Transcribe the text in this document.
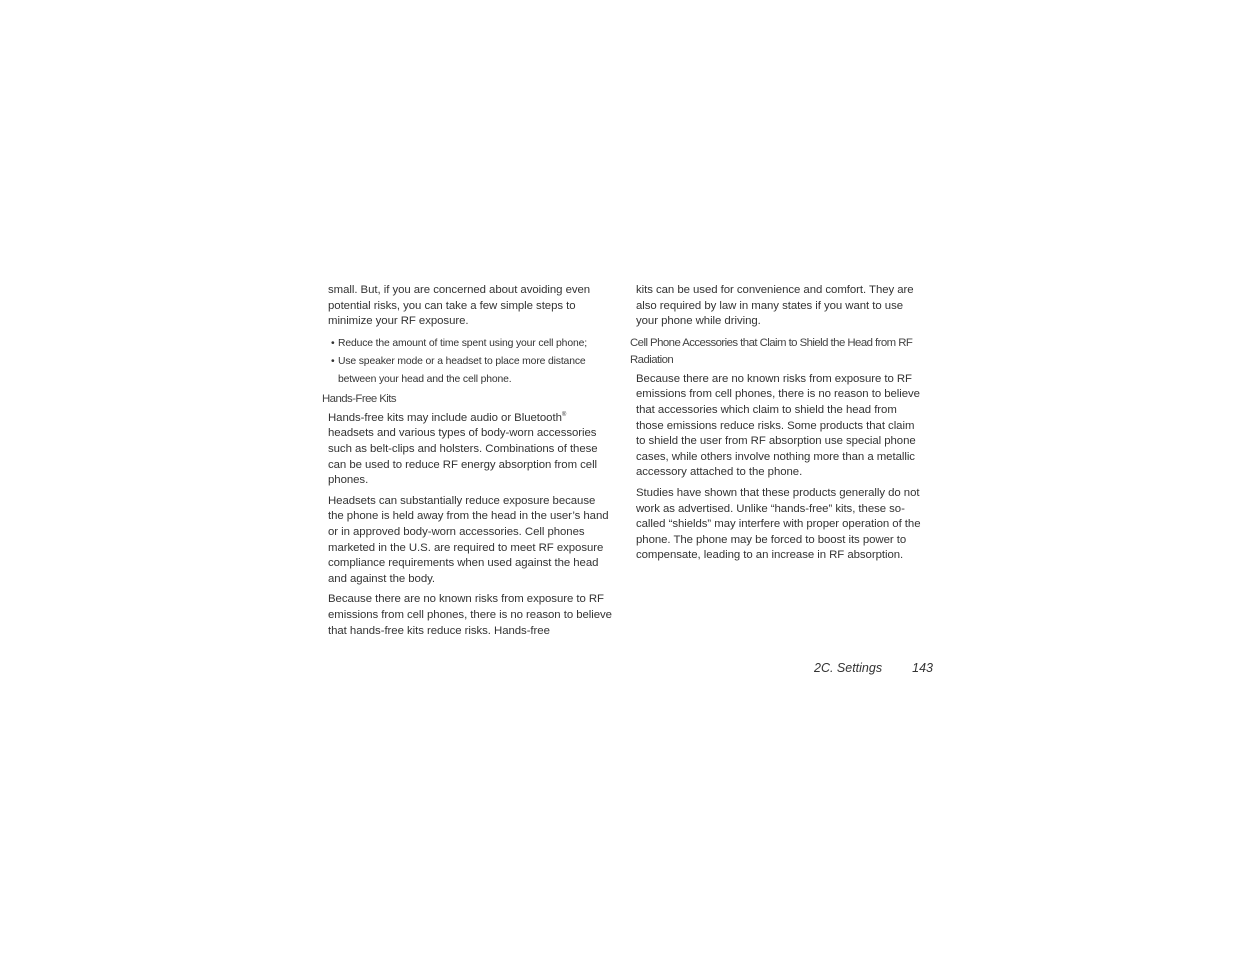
small. But, if you are concerned about avoiding even potential risks, you can take a few simple steps to minimize your RF exposure.

• Reduce the amount of time spent using your cell phone;
• Use speaker mode or a headset to place more distance between your head and the cell phone.
Hands-Free Kits

Hands-free kits may include audio or Bluetooth® headsets and various types of body-worn accessories such as belt-clips and holsters. Combinations of these can be used to reduce RF energy absorption from cell phones.

Headsets can substantially reduce exposure because the phone is held away from the head in the user’s hand or in approved body-worn accessories. Cell phones marketed in the U.S. are required to meet RF exposure compliance requirements when used against the head and against the body.

Because there are no known risks from exposure to RF emissions from cell phones, there is no reason to believe that hands-free kits reduce risks. Hands-free

kits can be used for convenience and comfort. They are also required by law in many states if you want to use your phone while driving.

Cell Phone Accessories that Claim to Shield the Head from RF Radiation

Because there are no known risks from exposure to RF emissions from cell phones, there is no reason to believe that accessories which claim to shield the head from those emissions reduce risks. Some products that claim to shield the user from RF absorption use special phone cases, while others involve nothing more than a metallic accessory attached to the phone.

Studies have shown that these products generally do not work as advertised. Unlike “hands-free” kits, these so-called “shields” may interfere with proper operation of the phone. The phone may be forced to boost its power to compensate, leading to an increase in RF absorption.

2C. Settings 143
